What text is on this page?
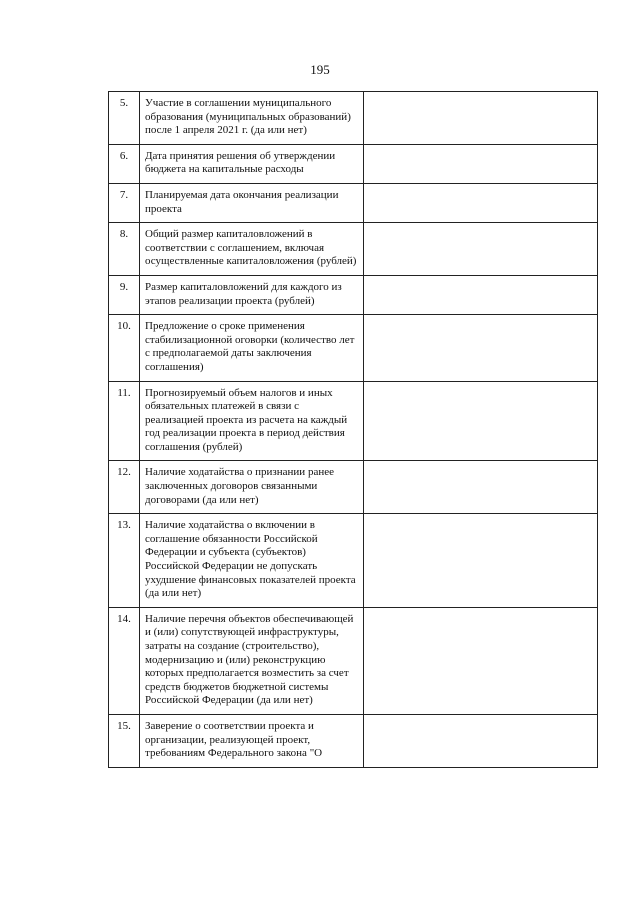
195
5.	Участие в соглашении муниципального образования (муниципальных образований) после 1 апреля 2021 г. (да или нет)	
6.	Дата принятия решения об утверждении бюджета на капитальные расходы	
7.	Планируемая дата окончания реализации проекта	
8.	Общий размер капиталовложений в соответствии с соглашением, включая осуществленные капиталовложения (рублей)	
9.	Размер капиталовложений для каждого из этапов реализации проекта (рублей)	
10.	Предложение о сроке применения стабилизационной оговорки (количество лет с предполагаемой даты заключения соглашения)	
11.	Прогнозируемый объем налогов и иных обязательных платежей в связи с реализацией проекта из расчета на каждый год реализации проекта в период действия соглашения (рублей)	
12.	Наличие ходатайства о признании ранее заключенных договоров связанными договорами (да или нет)	
13.	Наличие ходатайства о включении в соглашение обязанности Российской Федерации и субъекта (субъектов) Российской Федерации не допускать ухудшение финансовых показателей проекта (да или нет)	
14.	Наличие перечня объектов обеспечивающей и (или) сопутствующей инфраструктуры, затраты на создание (строительство), модернизацию и (или) реконструкцию которых предполагается возместить за счет средств бюджетов бюджетной системы Российской Федерации (да или нет)	
15.	Заверение о соответствии проекта и организации, реализующей проект, требованиям Федерального закона "О	
